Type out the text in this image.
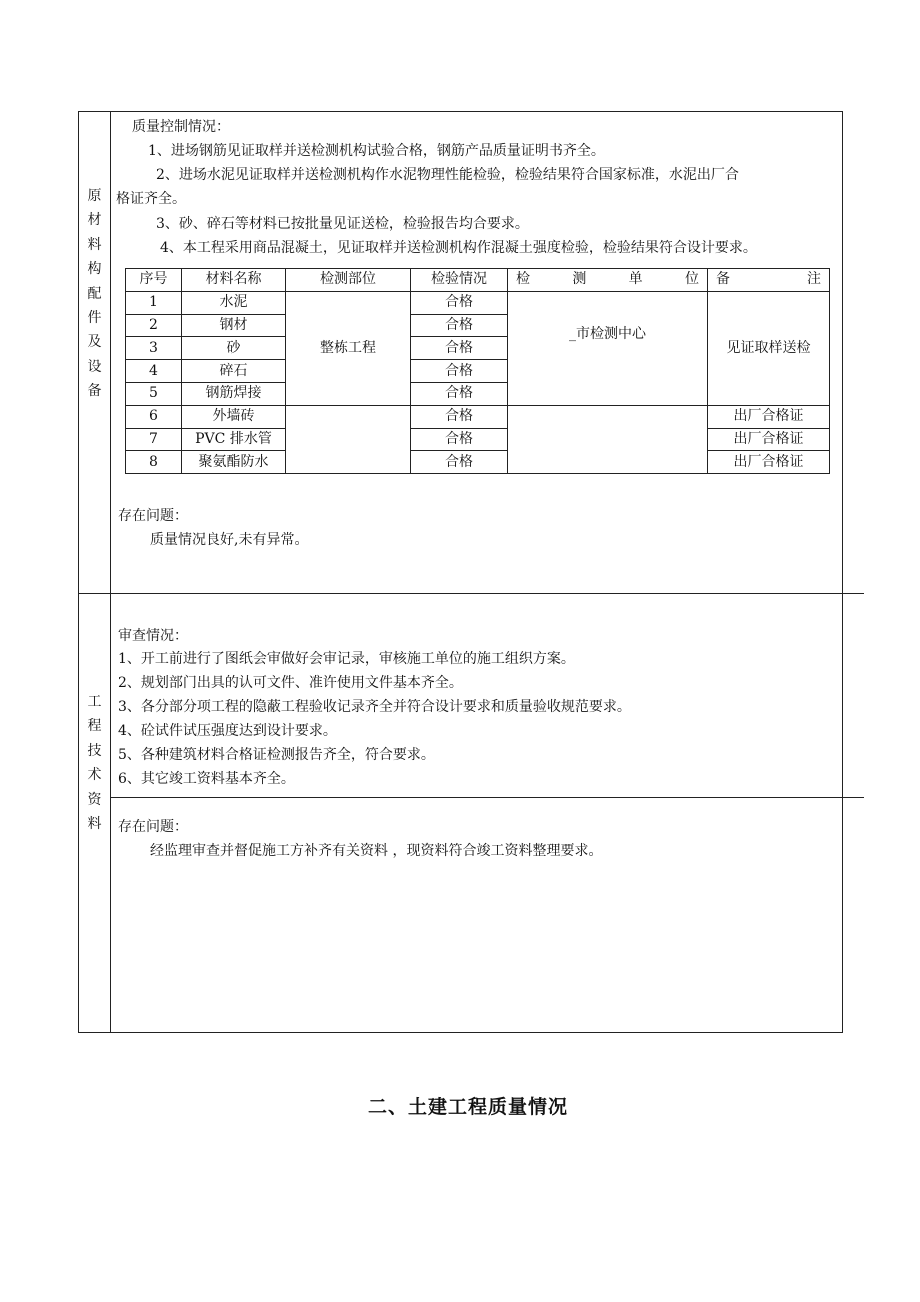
原
材
料
构
配
件
及
设
备
质量控制情况：
1、进场钢筋见证取样并送检测机构试验合格，钢筋产品质量证明书齐全。
2、进场水泥见证取样并送检测机构作水泥物理性能检验，检验结果符合国家标准，水泥出厂合
格证齐全。
3、砂、碎石等材料已按批量见证送检，检验报告均合要求。
4、本工程采用商品混凝土，见证取样并送检测机构作混凝土强度检验，检验结果符合设计要求。
序号	材料名称	检测部位	检验情况	检 测 单 位	备 注

1	水泥	整栋工程	合格	_市检测中心	见证取样送检
2	钢材		合格		
3	砂		合格		
4	碎石		合格		
5	钢筋焊接		合格		
6	外墙砖		合格		出厂合格证
7	PVC 排水管		合格		出厂合格证
8	聚氨酯防水		合格		出厂合格证
存在问题：
质量情况良好,未有异常。
工
程
技
术
资
料
审查情况：
1、开工前进行了图纸会审做好会审记录，审核施工单位的施工组织方案。
2、规划部门出具的认可文件、准许使用文件基本齐全。
3、各分部分项工程的隐蔽工程验收记录齐全并符合设计要求和质量验收规范要求。
4、砼试件试压强度达到设计要求。
5、各种建筑材料合格证检测报告齐全，符合要求。
6、其它竣工资料基本齐全。
存在问题：
经监理审查并督促施工方补齐有关资料 ，现资料符合竣工资料整理要求。
二、土建工程质量情况
